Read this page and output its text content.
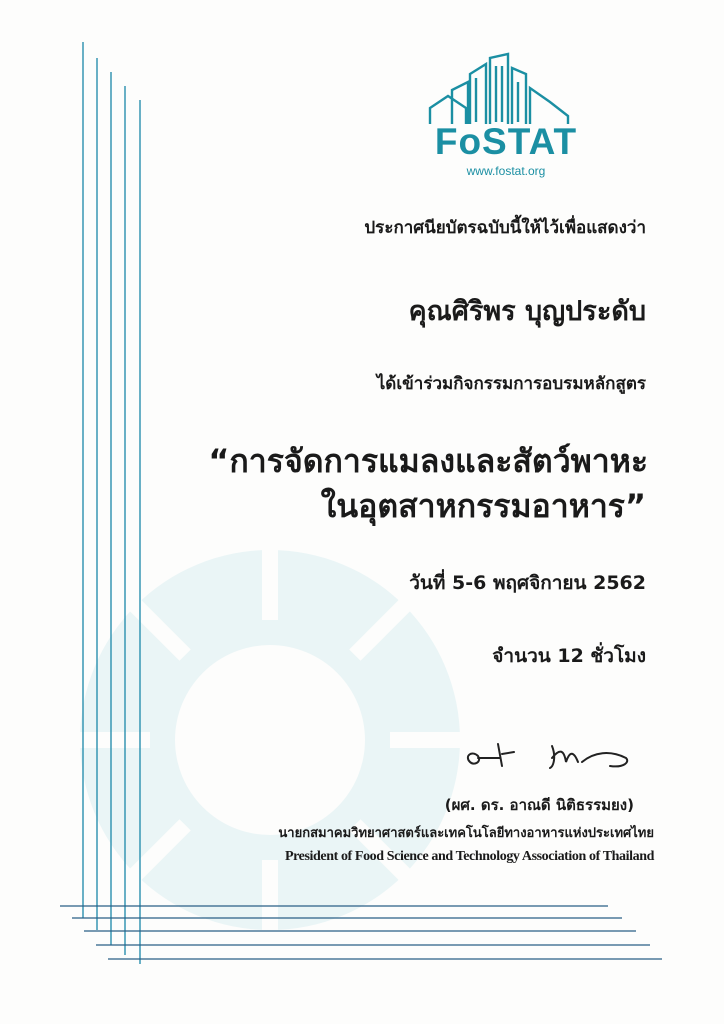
FoSTAT
www.fostat.org
ประกาศนียบัตรฉบับนี้ให้ไว้เพื่อแสดงว่า
คุณศิริพร บุญประดับ
ได้เข้าร่วมกิจกรรมการอบรมหลักสูตร
“การจัดการแมลงและสัตว์พาหะ
ในอุตสาหกรรมอาหาร”
วันที่ 5-6 พฤศจิกายน 2562
จำนวน 12 ชั่วโมง
(ผศ. ดร. อาณดี นิติธรรมยง)
นายกสมาคมวิทยาศาสตร์และเทคโนโลยีทางอาหารแห่งประเทศไทย
President of Food Science and Technology Association of Thailand
